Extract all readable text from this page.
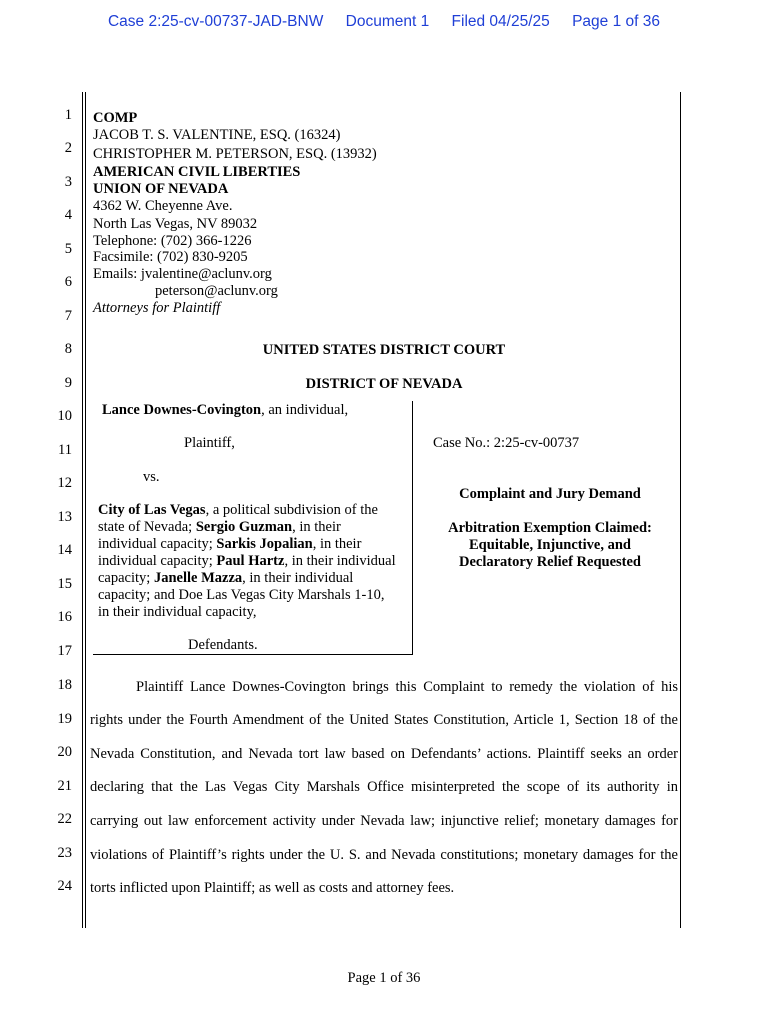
Case 2:25-cv-00737-JAD-BNW Document 1 Filed 04/25/25 Page 1 of 36
1
2
3
4
5
6
7
8
9
10
11
12
13
14
15
16
17
18
19
20
21
22
23
24
COMP
JACOB T. S. VALENTINE, ESQ. (16324)
CHRISTOPHER M. PETERSON, ESQ. (13932)
AMERICAN CIVIL LIBERTIES
UNION OF NEVADA
4362 W. Cheyenne Ave.
North Las Vegas, NV 89032
Telephone: (702) 366-1226
Facsimile: (702) 830-9205
Emails: jvalentine@aclunv.org
peterson@aclunv.org
Attorneys for Plaintiff
UNITED STATES DISTRICT COURT
DISTRICT OF NEVADA
Lance Downes-Covington, an individual,
Plaintiff,
vs.
City of Las Vegas, a political subdivision of the
state of Nevada; Sergio Guzman, in their
individual capacity; Sarkis Jopalian, in their
individual capacity; Paul Hartz, in their individual
capacity; Janelle Mazza, in their individual
capacity; and Doe Las Vegas City Marshals 1-10,
in their individual capacity,
Defendants.
Case No.: 2:25-cv-00737
Complaint and Jury Demand
Arbitration Exemption Claimed:
Equitable, Injunctive, and
Declaratory Relief Requested
Plaintiff Lance Downes-Covington brings this Complaint to remedy the violation of his
rights under the Fourth Amendment of the United States Constitution, Article 1, Section 18 of the
Nevada Constitution, and Nevada tort law based on Defendants’ actions. Plaintiff seeks an order
declaring that the Las Vegas City Marshals Office misinterpreted the scope of its authority in
carrying out law enforcement activity under Nevada law; injunctive relief; monetary damages for
violations of Plaintiff’s rights under the U. S. and Nevada constitutions; monetary damages for the
torts inflicted upon Plaintiff; as well as costs and attorney fees.
Page 1 of 36
